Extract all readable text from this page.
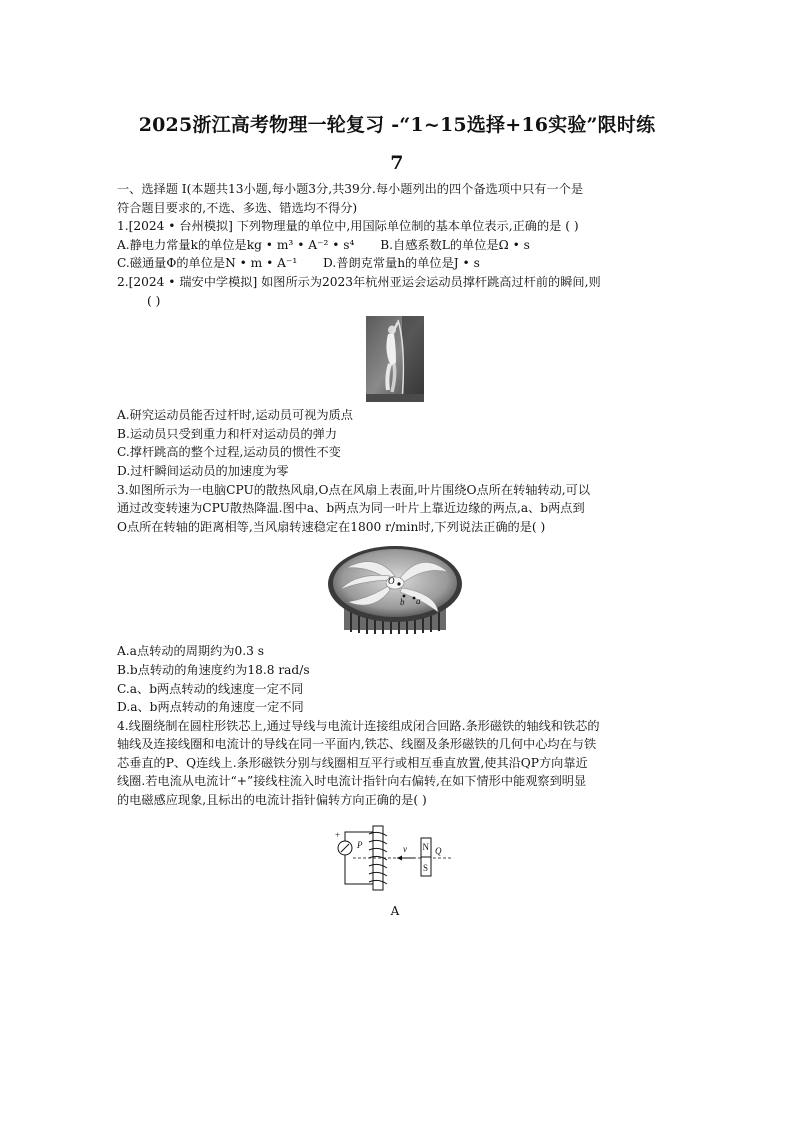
2025浙江高考物理一轮复习 -“1~15选择+16实验”限时练
7

一、选择题 I(本题共13小题,每小题3分,共39分.每小题列出的四个备选项中只有一个是

符合题目要求的,不选、多选、错选均不得分)

1.[2024 • 台州模拟] 下列物理量的单位中,用国际单位制的基本单位表示,正确的是 ( )

A.静电力常量k的单位是kg • m³ • A⁻² • s⁴ B.自感系数L的单位是Ω • s

C.磁通量Φ的单位是N • m • A⁻¹ D.普朗克常量h的单位是J • s

2.[2024 • 瑞安中学模拟] 如图所示为2023年杭州亚运会运动员撑杆跳高过杆前的瞬间,则

( )

A.研究运动员能否过杆时,运动员可视为质点

B.运动员只受到重力和杆对运动员的弹力

C.撑杆跳高的整个过程,运动员的惯性不变

D.过杆瞬间运动员的加速度为零

3.如图所示为一电脑CPU的散热风扇,O点在风扇上表面,叶片围绕O点所在转轴转动,可以

通过改变转速为CPU散热降温.图中a、b两点为同一叶片上靠近边缘的两点,a、b两点到

O点所在转轴的距离相等,当风扇转速稳定在1800 r/min时,下列说法正确的是( )

O
b a

A.a点转动的周期约为0.3 s

B.b点转动的角速度约为18.8 rad/s

C.a、b两点转动的线速度一定不同

D.a、b两点转动的角速度一定不同

4.线圈绕制在圆柱形铁芯上,通过导线与电流计连接组成闭合回路.条形磁铁的轴线和铁芯的

轴线及连接线圈和电流计的导线在同一平面内,铁芯、线圈及条形磁铁的几何中心均在与铁

芯垂直的P、Q连线上.条形磁铁分别与线圈相互平行或相互垂直放置,使其沿QP方向靠近

线圈.若电流从电流计“+”接线柱流入时电流计指针向右偏转,在如下情形中能观察到明显

的电磁感应现象,且标出的电流计指针偏转方向正确的是( )

+
P	v N
S
Q
A
